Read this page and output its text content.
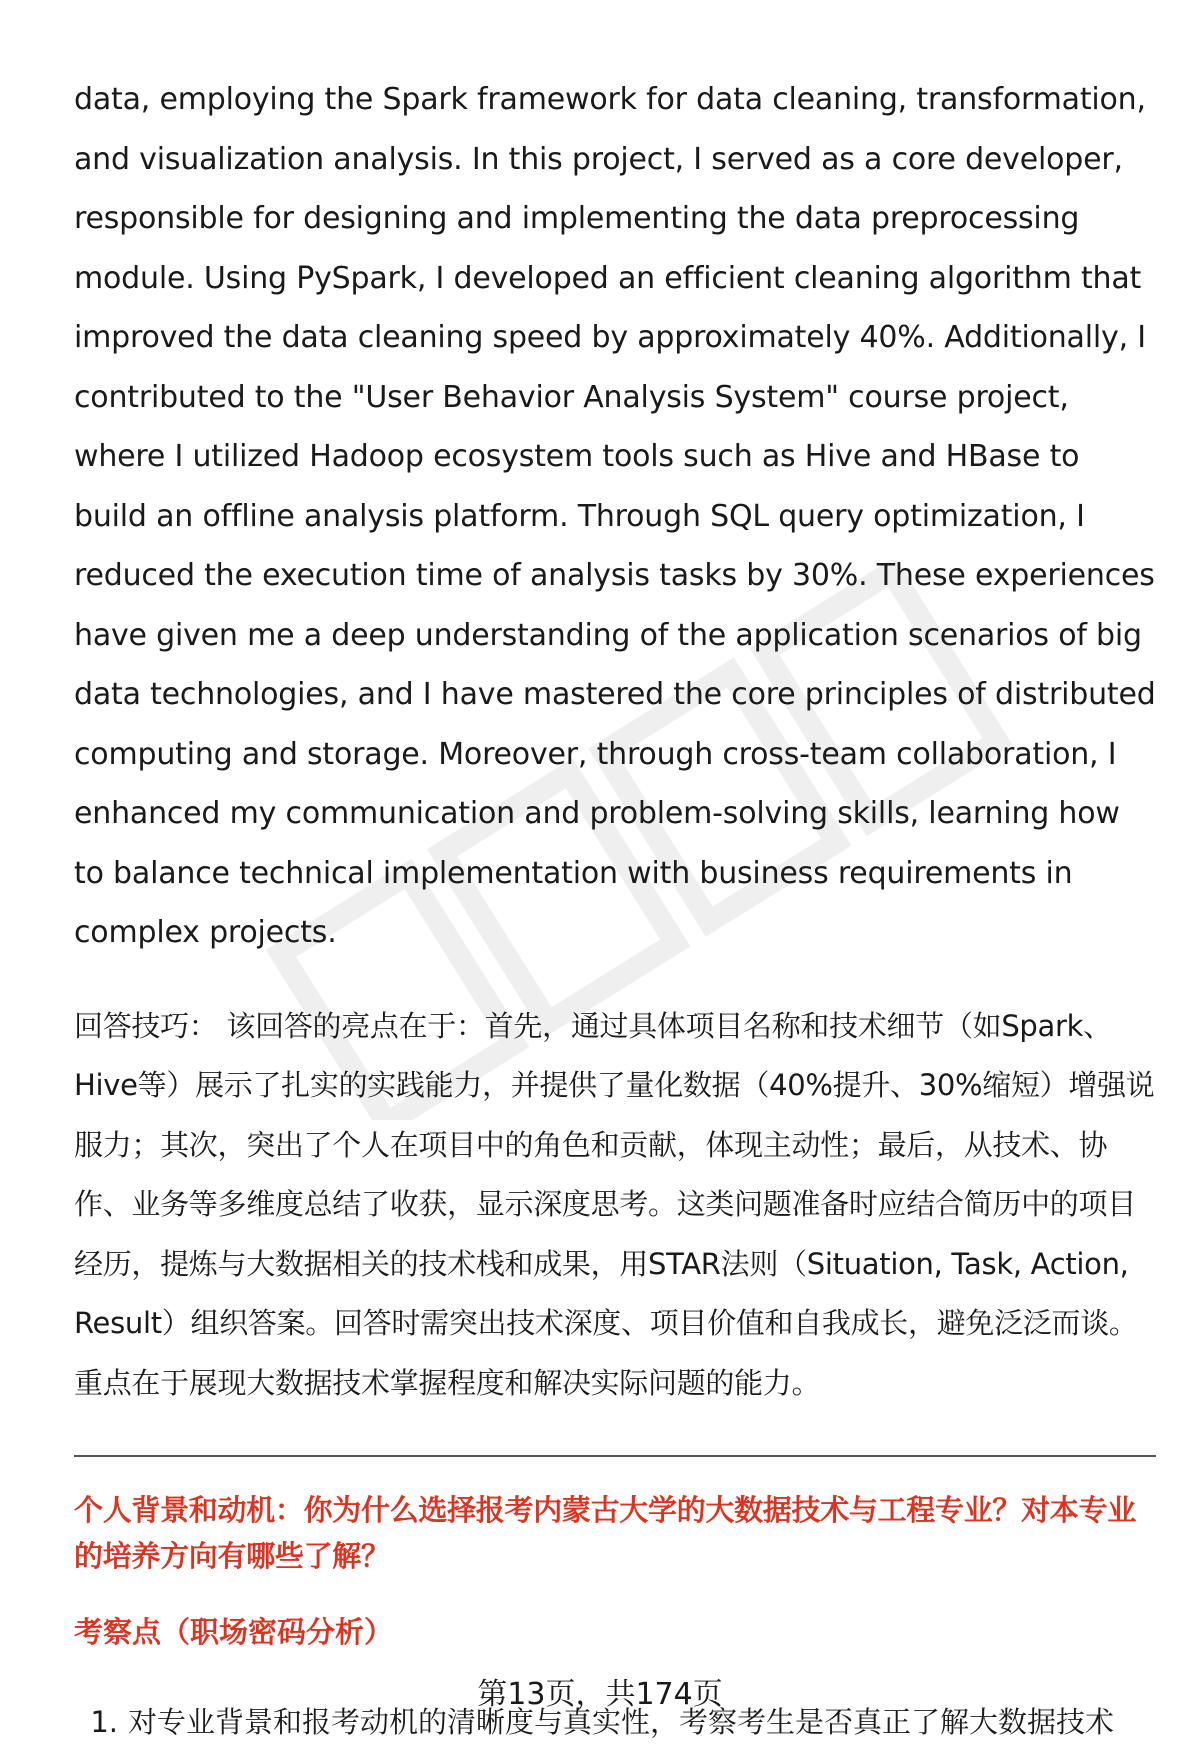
data, employing the Spark framework for data cleaning, transformation, and visualization analysis. In this project, I served as a core developer, responsible for designing and implementing the data preprocessing module. Using PySpark, I developed an efficient cleaning algorithm that improved the data cleaning speed by approximately 40%. Additionally, I contributed to the "User Behavior Analysis System" course project, where I utilized Hadoop ecosystem tools such as Hive and HBase to build an offline analysis platform. Through SQL query optimization, I reduced the execution time of analysis tasks by 30%. These experiences have given me a deep understanding of the application scenarios of big data technologies, and I have mastered the core principles of distributed computing and storage. Moreover, through cross-team collaboration, I enhanced my communication and problem-solving skills, learning how to balance technical implementation with business requirements in complex projects.

回答技巧： 该回答的亮点在于：首先，通过具体项目名称和技术细节（如Spark、Hive等）展示了扎实的实践能力，并提供了量化数据（40%提升、30%缩短）增强说服力；其次，突出了个人在项目中的角色和贡献，体现主动性；最后，从技术、协作、业务等多维度总结了收获，显示深度思考。这类问题准备时应结合简历中的项目经历，提炼与大数据相关的技术栈和成果，用STAR法则（Situation, Task, Action, Result）组织答案。回答时需突出技术深度、项目价值和自我成长，避免泛泛而谈。重点在于展现大数据技术掌握程度和解决实际问题的能力。
个人背景和动机：你为什么选择报考内蒙古大学的大数据技术与工程专业？对本专业的培养方向有哪些了解？
考察点（职场密码分析）
1. 对专业背景和报考动机的清晰度与真实性，考察考生是否真正了解大数据技术
第13页，共174页
